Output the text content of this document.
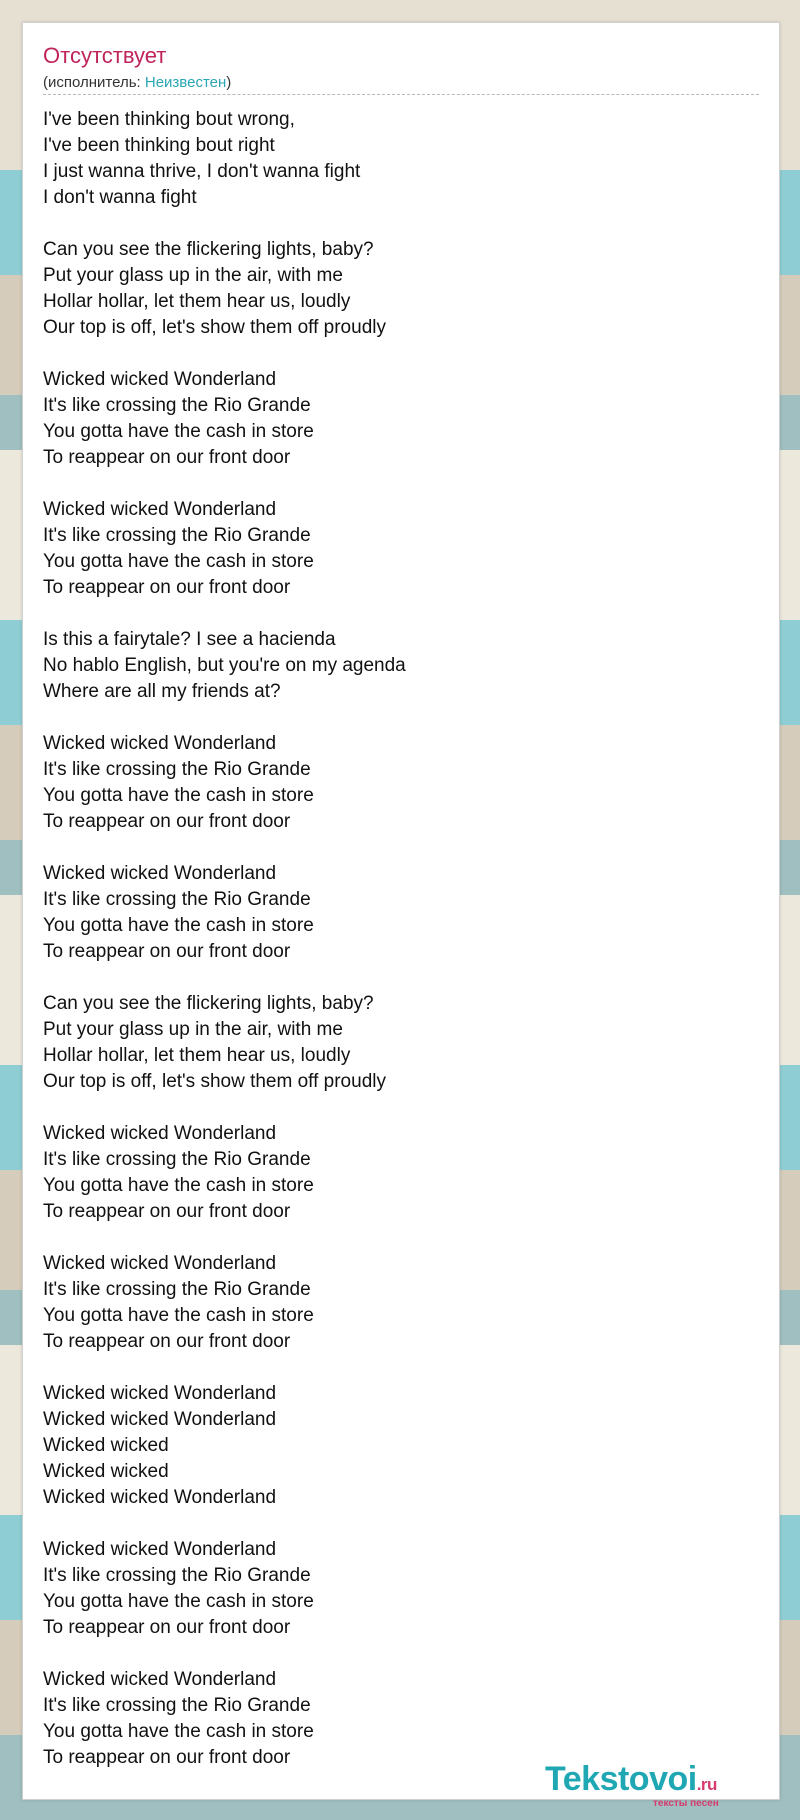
Отсутствует
(исполнитель: Неизвестен)
I've been thinking bout wrong,
I've been thinking bout right
I just wanna thrive, I don't wanna fight
I don't wanna fight
Can you see the flickering lights, baby?
Put your glass up in the air, with me
Hollar hollar, let them hear us, loudly
Our top is off, let's show them off proudly
Wicked wicked Wonderland
It's like crossing the Rio Grande
You gotta have the cash in store
To reappear on our front door
Wicked wicked Wonderland
It's like crossing the Rio Grande
You gotta have the cash in store
To reappear on our front door
Is this a fairytale? I see a hacienda
No hablo English, but you're on my agenda
Where are all my friends at?
Wicked wicked Wonderland
It's like crossing the Rio Grande
You gotta have the cash in store
To reappear on our front door
Wicked wicked Wonderland
It's like crossing the Rio Grande
You gotta have the cash in store
To reappear on our front door
Can you see the flickering lights, baby?
Put your glass up in the air, with me
Hollar hollar, let them hear us, loudly
Our top is off, let's show them off proudly
Wicked wicked Wonderland
It's like crossing the Rio Grande
You gotta have the cash in store
To reappear on our front door
Wicked wicked Wonderland
It's like crossing the Rio Grande
You gotta have the cash in store
To reappear on our front door
Wicked wicked Wonderland
Wicked wicked Wonderland
Wicked wicked
Wicked wicked
Wicked wicked Wonderland
Wicked wicked Wonderland
It's like crossing the Rio Grande
You gotta have the cash in store
To reappear on our front door
Wicked wicked Wonderland
It's like crossing the Rio Grande
You gotta have the cash in store
To reappear on our front door
Tekstovoi.ru
тексты песен
